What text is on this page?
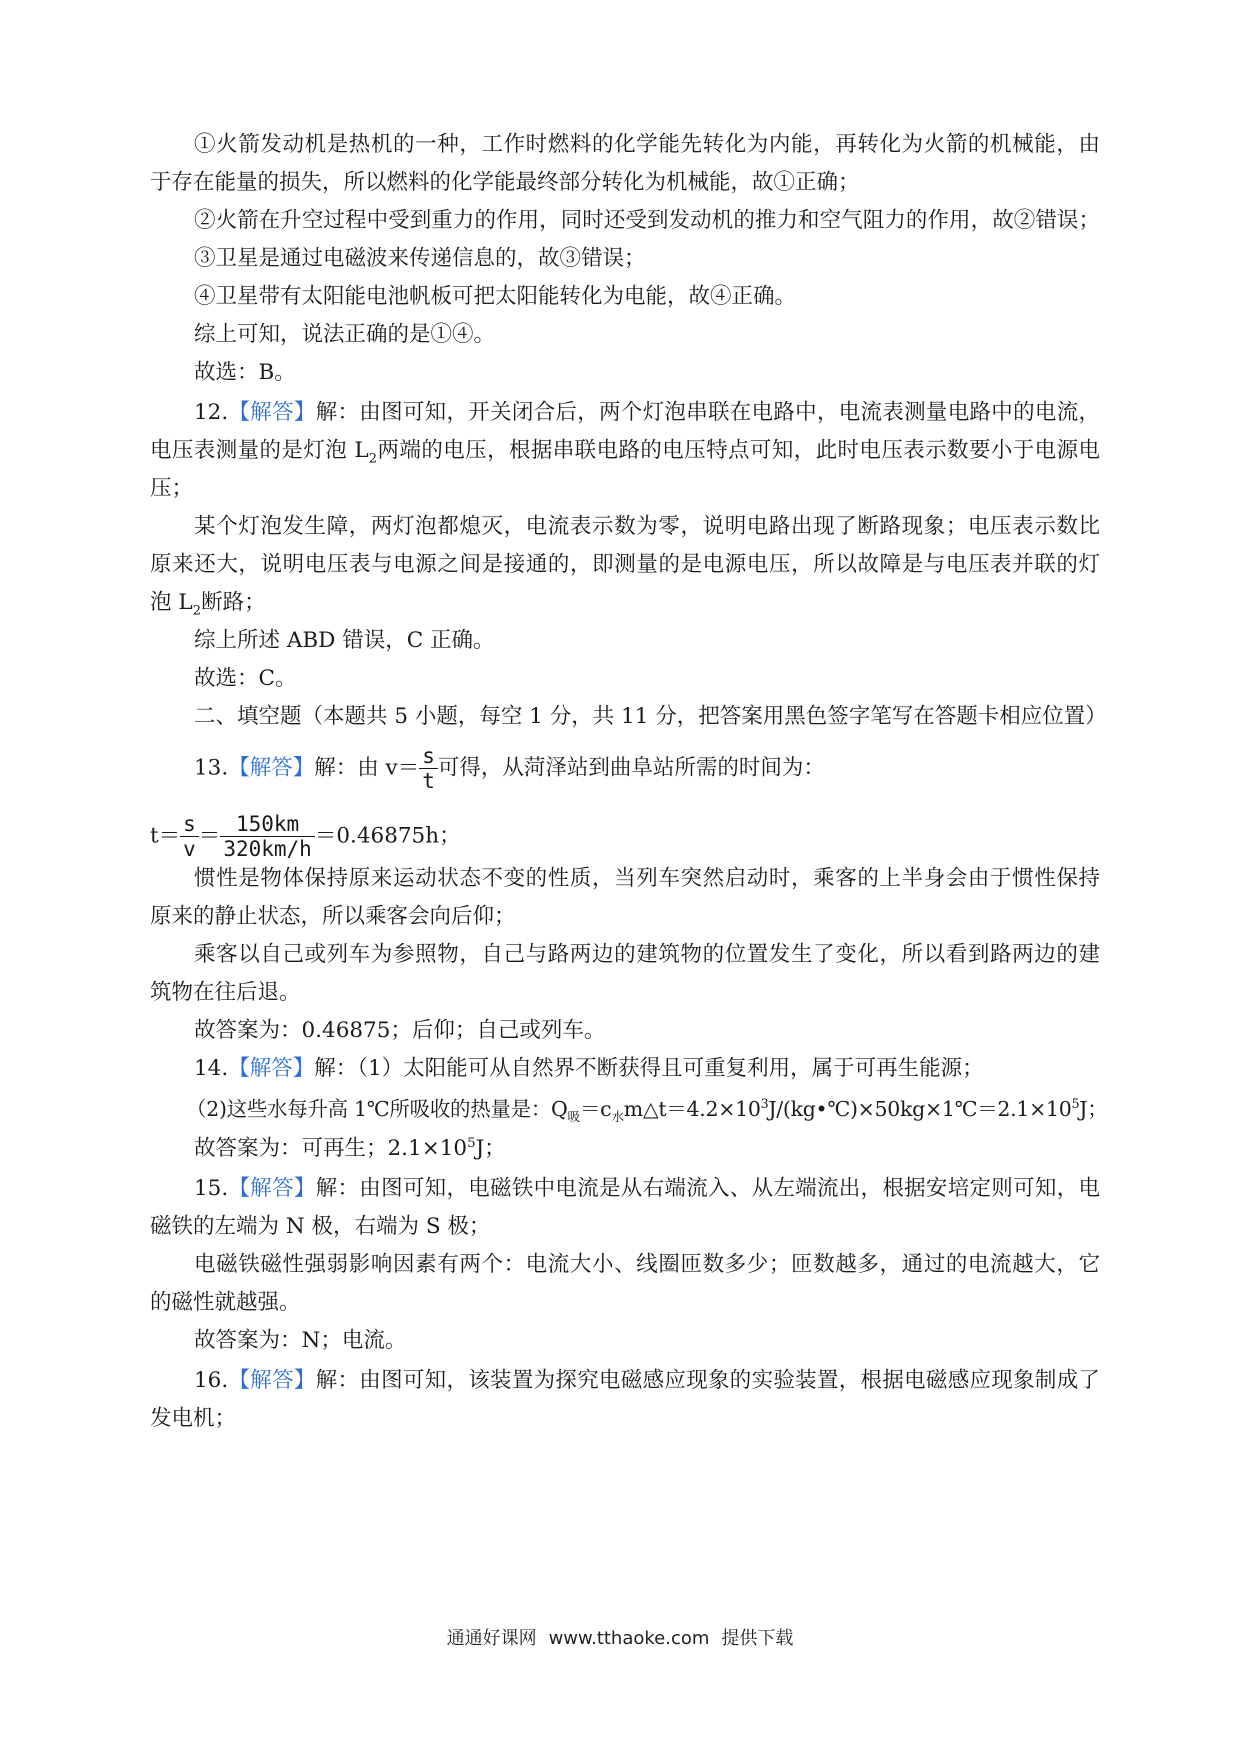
①火箭发动机是热机的一种，工作时燃料的化学能先转化为内能，再转化为火箭的机械能，由
于存在能量的损失，所以燃料的化学能最终部分转化为机械能，故①正确；
②火箭在升空过程中受到重力的作用，同时还受到发动机的推力和空气阻力的作用，故②错误；
③卫星是通过电磁波来传递信息的，故③错误；
④卫星带有太阳能电池帆板可把太阳能转化为电能，故④正确。
综上可知，说法正确的是①④。
故选：B。
12.【解答】解：由图可知，开关闭合后，两个灯泡串联在电路中，电流表测量电路中的电流，
电压表测量的是灯泡 $L_2$两端的电压，根据串联电路的电压特点可知，此时电压表示数要小于电源电
压；
某个灯泡发生障，两灯泡都熄灭，电流表示数为零，说明电路出现了断路现象；电压表示数比
原来还大，说明电压表与电源之间是接通的，即测量的是电源电压，所以故障是与电压表并联的灯
泡 $L_2$断路；
综上所述 ABD 错误，C 正确。
故选：C。
二、填空题（本题共 5 小题，每空 1 分，共 11 分，把答案用黑色签字笔写在答题卡相应位置）
13.【解答】解：由 $v= \frac{s}{t}$ 可得，从菏泽站到曲阜站所需的时间为：
$t= \frac{s}{v} = \frac{150km}{320km/h} =0.46875h$；
惯性是物体保持原来运动状态不变的性质，当列车突然启动时，乘客的上半身会由于惯性保持
原来的静止状态，所以乘客会向后仰；
乘客以自己或列车为参照物，自己与路两边的建筑物的位置发生了变化，所以看到路两边的建
筑物在往后退。
故答案为：0.46875；后仰；自己或列车。
14.【解答】解：（1）太阳能可从自然界不断获得且可重复利用，属于可再生能源；
（2)这些水每升高 1℃所吸收的热量是：$Q_吸=c_水m\triangle t=4.2\times 10^3J/(kg•℃)\times 50kg\times 1℃=2.1\times 10^5J$；
故答案为：可再生；$2.1\times 10^5J$；
15.【解答】解：由图可知，电磁铁中电流是从右端流入、从左端流出，根据安培定则可知，电
磁铁的左端为 N 极，右端为 S 极；
电磁铁磁性强弱影响因素有两个：电流大小、线圈匝数多少；匝数越多，通过的电流越大，它
的磁性就越强。
故答案为：N；电流。
16.【解答】解：由图可知，该装置为探究电磁感应现象的实验装置，根据电磁感应现象制成了
发电机；
通通好课网 www.tthaoke.com 提供下载
